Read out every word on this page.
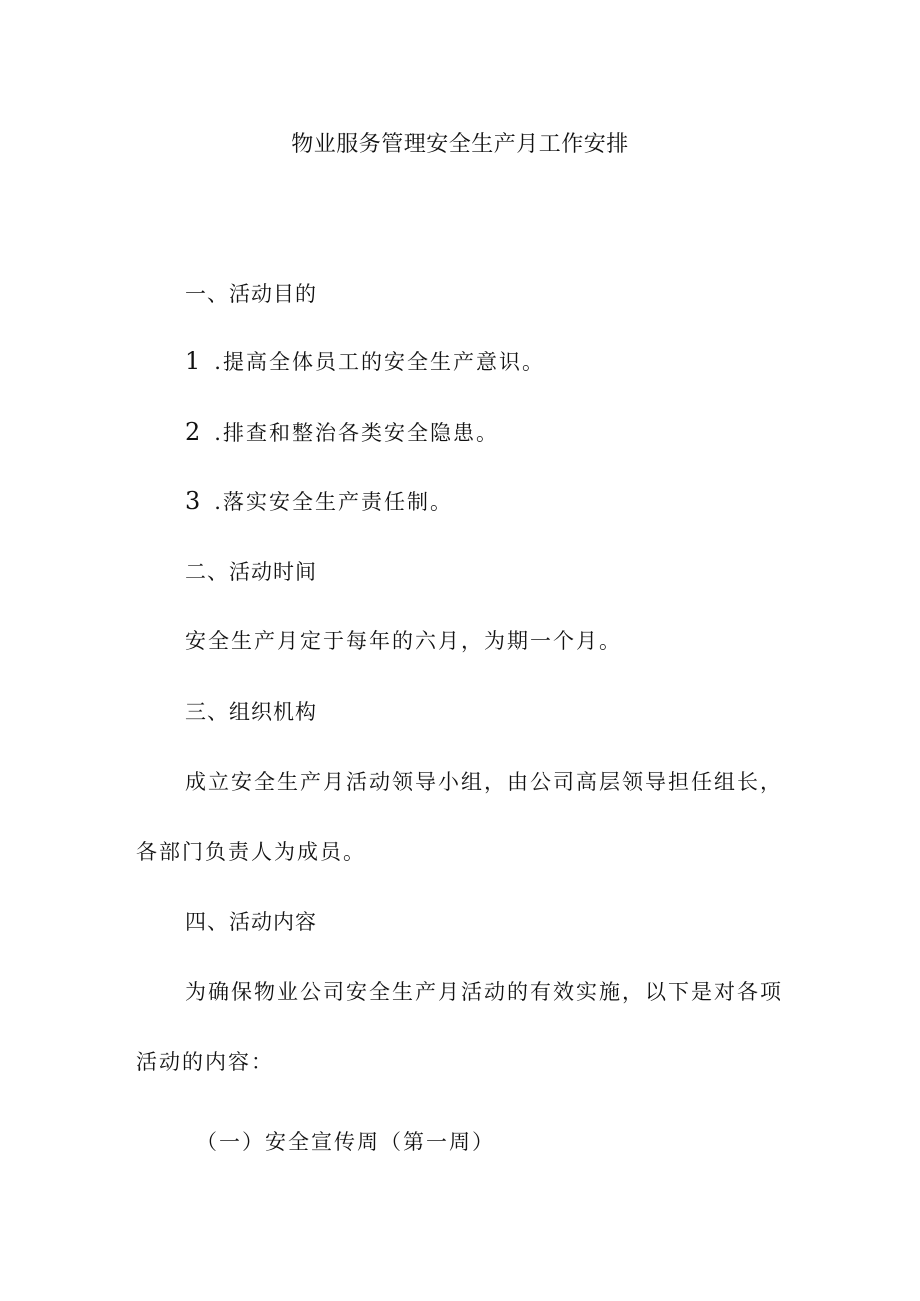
物业服务管理安全生产月工作安排

一、活动目的

1 .提高全体员工的安全生产意识。

2 .排查和整治各类安全隐患。

3 .落实安全生产责任制。

二、活动时间

安全生产月定于每年的六月，为期一个月。

三、组织机构

成立安全生产月活动领导小组，由公司高层领导担任组长，

各部门负责人为成员。

四、活动内容

为确保物业公司安全生产月活动的有效实施，以下是对各项

活动的内容：

（一）安全宣传周（第一周）
